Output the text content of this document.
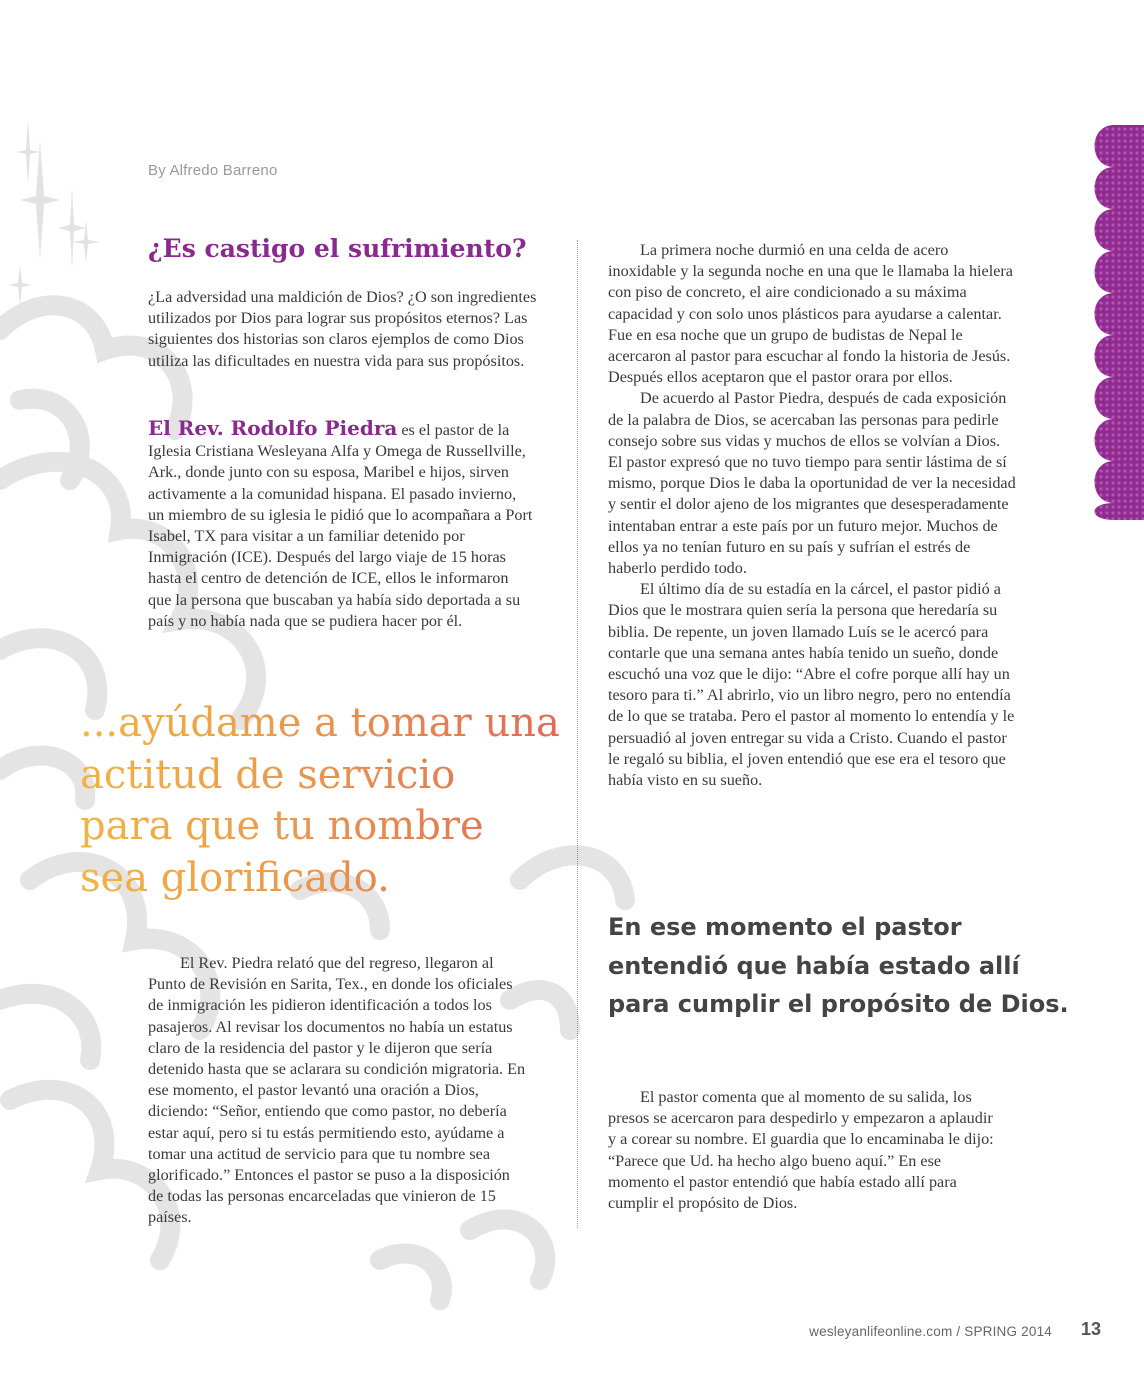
By Alfredo Barreno
¿Es castigo el sufrimiento?

¿La adversidad una maldición de Dios? ¿O son ingredientes utilizados por Dios para lograr sus propósitos eternos? Las siguientes dos historias son claros ejemplos de como Dios utiliza las dificultades en nuestra vida para sus propósitos.

El Rev. Rodolfo Piedra es el pastor de la Iglesia Cristiana Wesleyana Alfa y Omega de Russellville, Ark., donde junto con su esposa, Maribel e hijos, sirven activamente a la comunidad hispana. El pasado invierno, un miembro de su iglesia le pidió que lo acompañara a Port Isabel, TX para visitar a un familiar detenido por Inmigración (ICE). Después del largo viaje de 15 horas hasta el centro de detención de ICE, ellos le informaron que la persona que buscaban ya había sido deportada a su país y no había nada que se pudiera hacer por él.

...ayúdame a tomar una actitud de servicio para que tu nombre sea glorificado.

El Rev. Piedra relató que del regreso, llegaron al Punto de Revisión en Sarita, Tex., en donde los oficiales de inmigración les pidieron identificación a todos los pasajeros. Al revisar los documentos no había un estatus claro de la residencia del pastor y le dijeron que sería detenido hasta que se aclarara su condición migratoria. En ese momento, el pastor levantó una oración a Dios, diciendo: “Señor, entiendo que como pastor, no debería estar aquí, pero si tu estás permitiendo esto, ayúdame a tomar una actitud de servicio para que tu nombre sea glorificado.” Entonces el pastor se puso a la disposición de todas las personas encarceladas que vinieron de 15 países.

La primera noche durmió en una celda de acero inoxidable y la segunda noche en una que le llamaba la hielera con piso de concreto, el aire condicionado a su máxima capacidad y con solo unos plásticos para ayudarse a calentar. Fue en esa noche que un grupo de budistas de Nepal le acercaron al pastor para escuchar al fondo la historia de Jesús. Después ellos aceptaron que el pastor orara por ellos.

De acuerdo al Pastor Piedra, después de cada exposición de la palabra de Dios, se acercaban las personas para pedirle consejo sobre sus vidas y muchos de ellos se volvían a Dios. El pastor expresó que no tuvo tiempo para sentir lástima de sí mismo, porque Dios le daba la oportunidad de ver la necesidad y sentir el dolor ajeno de los migrantes que desesperadamente intentaban entrar a este país por un futuro mejor. Muchos de ellos ya no tenían futuro en su país y sufrían el estrés de haberlo perdido todo.

El último día de su estadía en la cárcel, el pastor pidió a Dios que le mostrara quien sería la persona que heredaría su biblia. De repente, un joven llamado Luís se le acercó para contarle que una semana antes había tenido un sueño, donde escuchó una voz que le dijo: “Abre el cofre porque allí hay un tesoro para ti.” Al abrirlo, vio un libro negro, pero no entendía de lo que se trataba. Pero el pastor al momento lo entendía y le persuadió al joven entregar su vida a Cristo. Cuando el pastor le regaló su biblia, el joven entendió que ese era el tesoro que había visto en su sueño.

En ese momento el pastor entendió que había estado allí para cumplir el propósito de Dios.

El pastor comenta que al momento de su salida, los presos se acercaron para despedirlo y empezaron a aplaudir y a corear su nombre. El guardia que lo encaminaba le dijo: “Parece que Ud. ha hecho algo bueno aquí.” En ese momento el pastor entendió que había estado allí para cumplir el propósito de Dios.

wesleyanlifeonline.com / SPRING 2014 13
